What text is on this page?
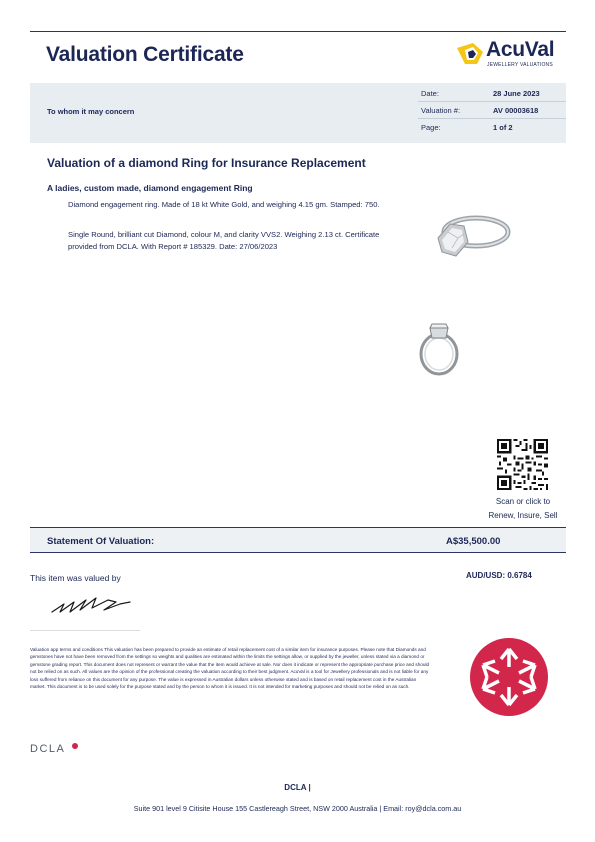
Valuation Certificate	AcuVal
JEWELLERY VALUATIONS
To whom it may concern
Date:	28 June 2023
Valuation #:	AV 00003618
Page:	1 of 2
Valuation of a diamond Ring for Insurance Replacement
A ladies, custom made, diamond engagement Ring
Diamond engagement ring. Made of 18 kt White Gold, and weighing 4.15 gm. Stamped: 750.
Single Round, brilliant cut Diamond, colour M, and clarity VVS2. Weighing 2.13 ct. Certificate provided from DCLA. With Report # 185329. Date: 27/06/2023
Scan or click to
Renew, Insure, Sell
Statement Of Valuation:	A$35,500.00
This item was valued by	AUD/USD: 0.6784
Valuation app terms and conditions This valuation has been prepared to provide an estimate of retail replacement cost of a similar item for insurance purposes. Please note that Diamonds and gemstones have not have been removed from the settings so weights and qualities are estimated within the limits the settings allow, or supplied by the jeweller, unless stated via a diamond or gemstone grading report. This document does not represent or warrant the value that the item would achieve at sale. Nor does it indicate or represent the appropriate purchase price and should not be relied on as such. All values are the opinion of the professional creating the valuation according to their best judgment. AcuVal is a tool for Jewellery professionals and is not liable for any loss suffered from reliance on this document for any purpose. The value is expressed in Australian dollars unless otherwise stated and is based on retail replacement cost in the Australian market. This document is to be used solely for the purpose stated and by the person to whom it is issued. It is not intended for marketing purposes and should not be relied on as such.
DCLA
DCLA |
Suite 901 level 9 Citisite House 155 Castlereagh Street, NSW 2000 Australia | Email: roy@dcla.com.au
